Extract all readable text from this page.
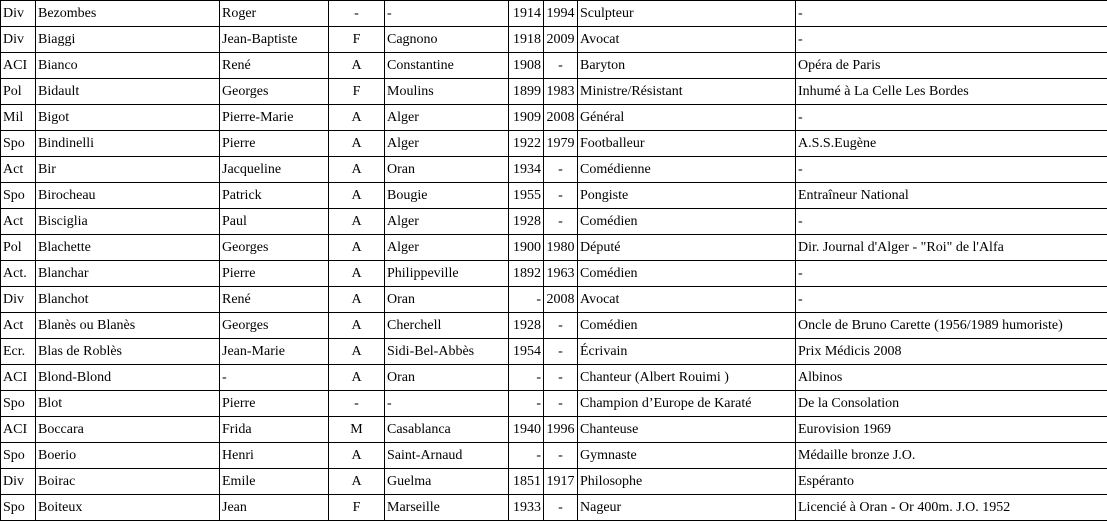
Div	Bezombes	Roger	-	-	1914	1994	Sculpteur	-
Div	Biaggi	Jean-Baptiste	F	Cagnono	1918	2009	Avocat	-
ACI	Bianco	René	A	Constantine	1908	-	Baryton	Opéra de Paris
Pol	Bidault	Georges	F	Moulins	1899	1983	Ministre/Résistant	Inhumé à La Celle Les Bordes
Mil	Bigot	Pierre-Marie	A	Alger	1909	2008	Général	-
Spo	Bindinelli	Pierre	A	Alger	1922	1979	Footballeur	A.S.S.Eugène
Act	Bir	Jacqueline	A	Oran	1934	-	Comédienne	-
Spo	Birocheau	Patrick	A	Bougie	1955	-	Pongiste	Entraîneur National
Act	Bisciglia	Paul	A	Alger	1928	-	Comédien	-
Pol	Blachette	Georges	A	Alger	1900	1980	Député	Dir. Journal d'Alger - "Roi" de l'Alfa
Act.	Blanchar	Pierre	A	Philippeville	1892	1963	Comédien	-
Div	Blanchot	René	A	Oran	-	2008	Avocat	-
Act	Blanès ou Blanès	Georges	A	Cherchell	1928	-	Comédien	Oncle de Bruno Carette (1956/1989 humoriste)
Ecr.	Blas de Roblès	Jean-Marie	A	Sidi-Bel-Abbès	1954	-	Écrivain	Prix Médicis 2008
ACI	Blond-Blond	-	A	Oran	-	-	Chanteur (Albert Rouimi )	Albinos
Spo	Blot	Pierre	-	-	-	-	Champion d’Europe de Karaté	De la Consolation
ACI	Boccara	Frida	M	Casablanca	1940	1996	Chanteuse	Eurovision 1969
Spo	Boerio	Henri	A	Saint-Arnaud	-	-	Gymnaste	Médaille bronze J.O.
Div	Boirac	Emile	A	Guelma	1851	1917	Philosophe	Espéranto
Spo	Boiteux	Jean	F	Marseille	1933	-	Nageur	Licencié à Oran - Or 400m. J.O. 1952
